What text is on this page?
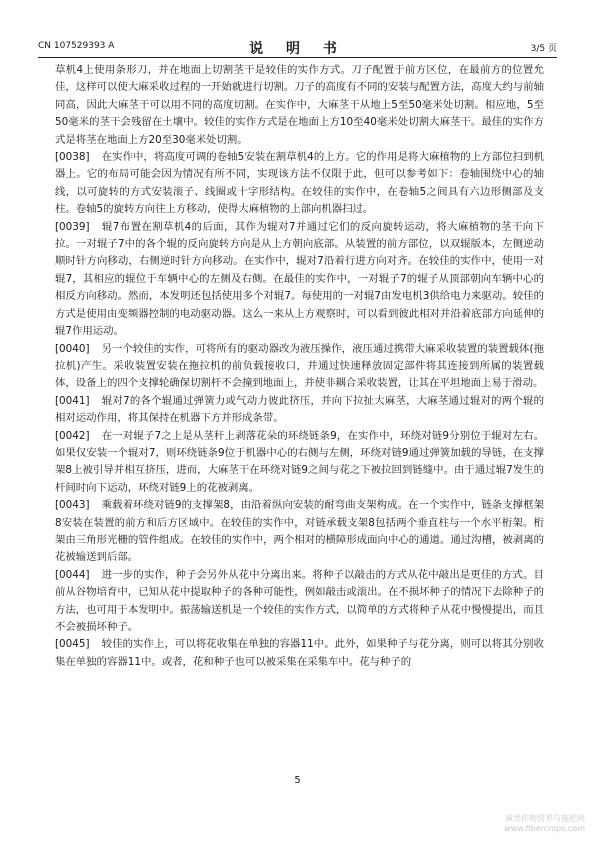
CN 107529393 A	说 明 书	3/5 页

草机4上使用条形刀，并在地面上切割茎干是较佳的实作方式。刀子配置于前方区位，在最前方的位置允佳，这样可以使大麻采收过程的一开始就进行切割。刀子的高度有不同的安装与配置方法，高度大约与前轴同高，因此大麻茎干可以用不同的高度切割。在实作中，大麻茎干从地上5至50毫米处切割。相应地，5至50毫米的茎干会残留在土壤中。较佳的实作方式是在地面上方10至40毫米处切割大麻茎干。最佳的实作方式是将茎在地面上方20至30毫米处切割。

[0038] 在实作中，将高度可调的卷轴5安装在割草机4的上方。它的作用是将大麻植物的上方部位扫到机器上。它的布局可能会因为情况有所不同，实现该方法不仅限于此，但可以参考如下：卷轴围绕中心的轴线，以可旋转的方式安装滚子、线圈或十字形结构。在较佳的实作中，在卷轴5之间具有六边形侧部及支柱。卷轴5的旋转方向往上方移动，使得大麻植物的上部向机器扫过。

[0039] 辊7布置在割草机4的后面，其作为辊对7并通过它们的反向旋转运动，将大麻植物的茎干向下拉。一对辊子7中的各个辊的反向旋转方向是从上方朝向底部。从装置的前方部位，以双辊版本，左侧逆动顺时针方向移动，右侧逆时针方向移动。在实作中，辊对7沿着行进方向对齐。在较佳的实作中，使用一对辊7，其相应的辊位于车辆中心的左侧及右侧。在最佳的实作中，一对辊子7的辊子从顶部朝向车辆中心的相反方向移动。然而，本发明还包括使用多个对辊7。每使用的一对辊7由发电机3供给电力来驱动。较佳的方式是使用由变频器控制的电动驱动器。这么一来从上方观察时，可以看到彼此相对并沿着底部方向延伸的辊7作用运动。

[0040] 另一个较佳的实作，可将所有的驱动器改为液压操作，液压通过携带大麻采收装置的装置载体(拖拉机)产生。采收装置安装在拖拉机的前负载接收口，并通过快速释放固定部件将其连接到所属的装置载体，设备上的四个支撑轮确保切割杆不会撞到地面上，并使非耦合采收装置，让其在平坦地面上易于滑动。

[0041] 辊对7的各个辊通过弹簧力或气动力彼此挤压，并向下拉扯大麻茎，大麻茎通过辊对的两个辊的相对运动作用，将其保持在机器下方并形成条带。

[0042] 在一对辊子7之上是从茎秆上剥落花朵的环绕链条9，在实作中，环绕对链9分别位于辊对左右。如果仅安装一个辊对7，则环绕链条9位于机器中心的右侧与左侧，环绕对链9通过弹簧加载的导链，在支撑架8上被引导并相互挤压，进而，大麻茎干在环绕对链9之间与花之下被拉回到链缝中。由于通过辊7发生的杆间时向下运动，环绕对链9上的花被剥离。

[0043] 乘载着环绕对链9的支撑架8，由沿着纵向安装的耐弯曲支架构成。在一个实作中，链条支撑框架8安装在装置的前方和后方区域中。在较佳的实作中，对链承载支架8包括两个垂直柱与一个水平桁架。桁架由三角形光栅的管件组成。在较佳的实作中，两个相对的横障形成面向中心的通道。通过沟槽，被剥离的花被输送到后部。

[0044] 进一步的实作，种子会另外从花中分离出来。将种子以敲击的方式从花中敲出是更佳的方式。目前从谷物培育中，已知从花中提取种子的各种可能性，例如敲击或滚出。在不损坏种子的情况下去除种子的方法，也可用于本发明中。振荡输送机是一个较佳的实作方式，以简单的方式将种子从花中慢慢提出，而且不会被损坏种子。

[0045] 较佳的实作上，可以将花收集在单独的容器11中。此外，如果种子与花分离，则可以将其分别收集在单独的容器11中。或者，花和种子也可以被采集在采集车中。花与种子的

5
麻类作物营养与施肥网
www.fibercrops.com
